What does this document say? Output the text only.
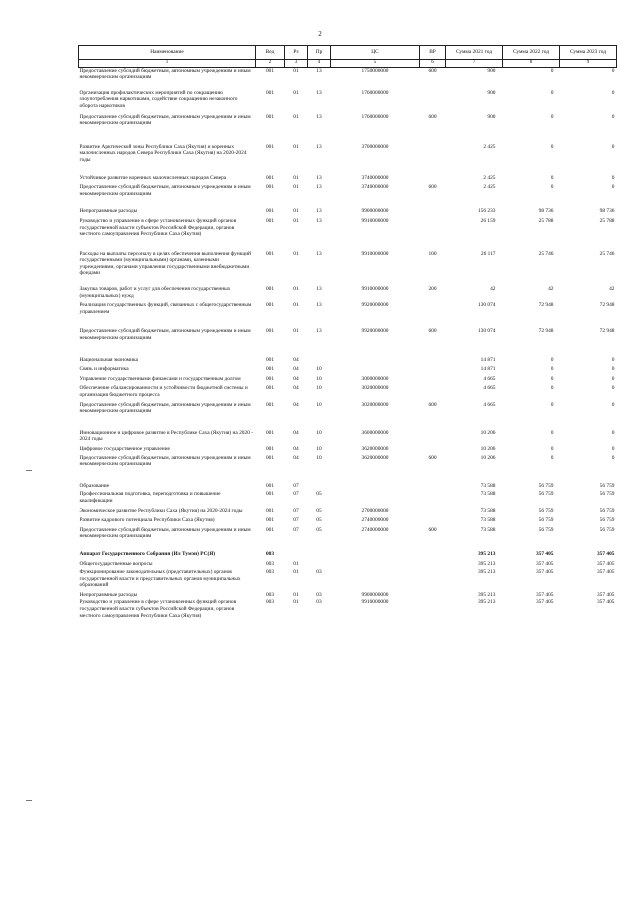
2
Наименование	Вед	Рз	Пр	ЦС	ВР	Сумма 2021 год	Сумма 2022 год	Сумма 2023 год
1	2	3	4	5	6	7	8	9
Предоставление субсидий бюджетным, автономным учреждениям и иным некоммерческим организациям	001	01	13	1750000000	600	900	0	0
Организация профилактических мероприятий по сокращению злоупотребления наркотиками, содействие сокращению незаконного оборота наркотиков	001	01	13	1760000000		900	0	0
Предоставление субсидий бюджетным, автономным учреждениям и иным некоммерческим организациям	001	01	13	1760000000	600	900	0	0
Развитие Арктической зоны Республики Саха (Якутия) и коренных малочисленных народов Севера Республики Саха (Якутия) на 2020-2024 годы	001	01	13	3700000000		2 425	0	0
Устойчивое развитие коренных малочисленных народов Севера	001	01	13	3740000000		2 425	0	0
Предоставление субсидий бюджетным, автономным учреждениям и иным некоммерческим организациям	001	01	13	3740000000	600	2 425	0	0
Непрограммные расходы	001	01	13	9900000000		156 233	98 736	98 736
Руководство и управление в сфере установленных функций органов государственной власти субъектов Российской Федерации, органов местного самоуправления Республики Саха (Якутия)	001	01	13	9910000000		26 159	25 788	25 788
Расходы на выплаты персоналу в целях обеспечения выполнения функций государственными (муниципальными) органами, казенными учреждениями, органами управления государственными внебюджетными фондами	001	01	13	9910000000	100	26 117	25 746	25 746
Закупка товаров, работ и услуг для обеспечения государственных (муниципальных) нужд	001	01	13	9910000000	200	42	42	42
Реализация государственных функций, связанных с общегосударственным управлением	001	01	13	9920000000		130 074	72 948	72 948
Предоставление субсидий бюджетным, автономным учреждениям и иным некоммерческим организациям	001	01	13	9920000000	600	130 074	72 948	72 948
Национальная экономика	001	04				14 871	0	0
Связь и информатика	001	04	10			14 871	0	0
Управление государственными финансами и государственным долгом	001	04	10	3000000000		4 665	0	0
Обеспечение сбалансированности и устойчивости бюджетной системы и организация бюджетного процесса	001	04	10	3020000000		4 665	0	0
Предоставление субсидий бюджетным, автономным учреждениям и иным некоммерческим организациям	001	04	10	3020000000	600	4 665	0	0
Инновационное и цифровое развитие в Республике Саха (Якутия) на 2020 - 2024 годы	001	04	10	3600000000		10 206	0	0
Цифровое государственное управление	001	04	10	3620000000		10 206	0	0
Предоставление субсидий бюджетным, автономным учреждениям и иным некоммерческим организациям	001	04	10	3620000000	600	10 206	0	0
Образование	001	07				73 588	56 759	56 759
Профессиональная подготовка, переподготовка и повышение квалификации	001	07	05			73 588	56 759	56 759
Экономическое развитие Республики Саха (Якутия) на 2020-2024 годы	001	07	05	2700000000		73 588	56 759	56 759
Развитие кадрового потенциала Республики Саха (Якутия)	001	07	05	2740000000		73 588	56 759	56 759
Предоставление субсидий бюджетным, автономным учреждениям и иным некоммерческим организациям	001	07	05	2740000000	600	73 588	56 759	56 759
Аппарат Государственного Собрания (Ил Тумэн) РС(Я)	003					395 213	357 405	357 405
Общегосударственные вопросы	003	01				395 213	357 405	357 405
Функционирование законодательных (представительных) органов государственной власти и представительных органов муниципальных образований	003	01	03			395 213	357 405	357 405
Непрограммные расходы	003	01	03	9900000000		395 213	357 405	357 405
Руководство и управление в сфере установленных функций органов государственной власти субъектов Российской Федерации, органов местного самоуправления Республики Саха (Якутия)	003	01	03	9910000000		395 213	357 405	357 405
